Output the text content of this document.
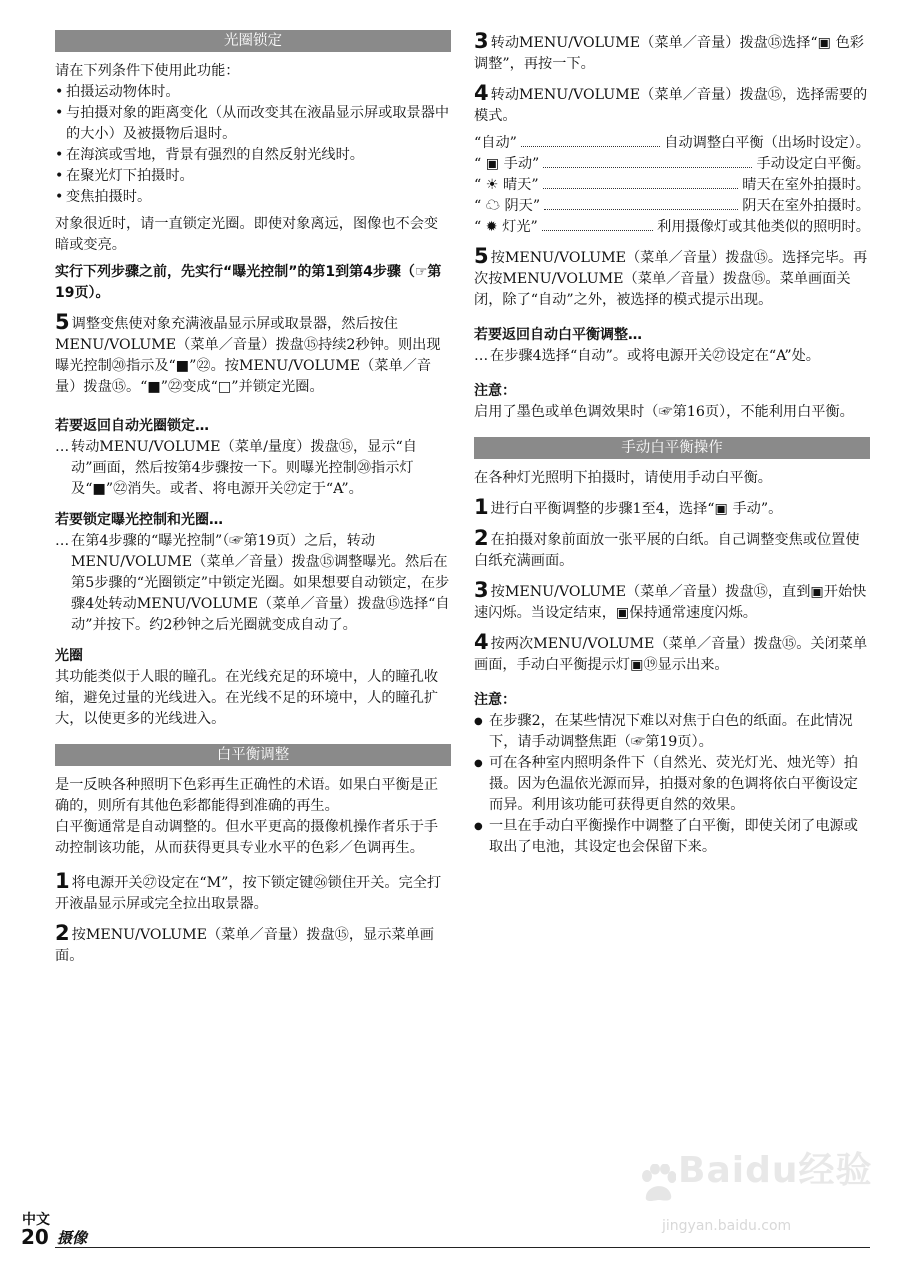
光圈锁定

请在下列条件下使用此功能：

• 拍摄运动物体时。
• 与拍摄对象的距离变化（从而改变其在液晶显示屏或取景器中的大小）及被摄物后退时。
• 在海滨或雪地，背景有强烈的自然反射光线时。
• 在聚光灯下拍摄时。
• 变焦拍摄时。

对象很近时，请一直锁定光圈。即使对象离远，图像也不会变暗或变亮。

实行下列步骤之前，先实行“曝光控制”的第1到第4步骤（☞第19页）。

5 调整变焦使对象充满液晶显示屏或取景器，然后按住MENU/VOLUME（菜单／音量）拨盘⑮持续2秒钟。则出现曝光控制⑳指示及“■”㉒。按MENU/VOLUME（菜单／音量）拨盘⑮。“■”㉒变成“□”并锁定光圈。
若要返回自动光圈锁定…
… 转动MENU/VOLUME（菜单/量度）拨盘⑮，显示“自动”画面，然后按第4步骤按一下。则曝光控制⑳指示灯及“■”㉒消失。或者、将电源开关㉗定于“A”。
若要锁定曝光控制和光圈…
… 在第4步骤的“曝光控制”（☞第19页）之后，转动MENU/VOLUME（菜单／音量）拨盘⑮调整曝光。然后在第5步骤的“光圈锁定”中锁定光圈。如果想要自动锁定，在步骤4处转动MENU/VOLUME（菜单／音量）拨盘⑮选择“自动”并按下。约2秒钟之后光圈就变成自动了。
光圈

其功能类似于人眼的瞳孔。在光线充足的环境中，人的瞳孔收缩，避免过量的光线进入。在光线不足的环境中，人的瞳孔扩大，以使更多的光线进入。

白平衡调整

是一反映各种照明下色彩再生正确性的术语。如果白平衡是正确的，则所有其他色彩都能得到准确的再生。

白平衡通常是自动调整的。但水平更高的摄像机操作者乐于手动控制该功能，从而获得更具专业水平的色彩／色调再生。

1 将电源开关㉗设定在“M”，按下锁定键㉖锁住开关。完全打开液晶显示屏或完全拉出取景器。
2 按MENU/VOLUME（菜单／音量）拨盘⑮，显示菜单画面。
3 转动MENU/VOLUME（菜单／音量）拨盘⑮选择“▣ 色彩调整”，再按一下。
4 转动MENU/VOLUME（菜单／音量）拨盘⑮，选择需要的模式。
“自动”	自动调整白平衡（出场时设定）。
“ ▣ 手动”	手动设定白平衡。
“ ☀ 晴天”	晴天在室外拍摄时。
“ ☁ 阴天”	阴天在室外拍摄时。
“ ✹ 灯光”	利用摄像灯或其他类似的照明时。
5 按MENU/VOLUME（菜单／音量）拨盘⑮。选择完毕。再次按MENU/VOLUME（菜单／音量）拨盘⑮。菜单画面关闭，除了“自动”之外，被选择的模式提示出现。
若要返回自动白平衡调整…
… 在步骤4选择“自动”。或将电源开关㉗设定在“A”处。
注意：

启用了墨色或单色调效果时（☞第16页），不能利用白平衡。

手动白平衡操作

在各种灯光照明下拍摄时，请使用手动白平衡。

1 进行白平衡调整的步骤1至4，选择“▣ 手动”。
2 在拍摄对象前面放一张平展的白纸。自己调整变焦或位置使白纸充满画面。
3 按MENU/VOLUME（菜单／音量）拨盘⑮，直到▣开始快速闪烁。当设定结束，▣保持通常速度闪烁。
4 按两次MENU/VOLUME（菜单／音量）拨盘⑮。关闭菜单画面，手动白平衡提示灯▣⑲显示出来。
注意：
● 在步骤2，在某些情况下难以对焦于白色的纸面。在此情况下，请手动调整焦距（☞第19页）。
● 可在各种室内照明条件下（自然光、荧光灯光、烛光等）拍摄。因为色温依光源而异，拍摄对象的色调将依白平衡设定而异。利用该功能可获得更自然的效果。
● 一旦在手动白平衡操作中调整了白平衡，即使关闭了电源或取出了电池，其设定也会保留下来。
Baidu经验
jingyan.baidu.com
中文
20 摄像
